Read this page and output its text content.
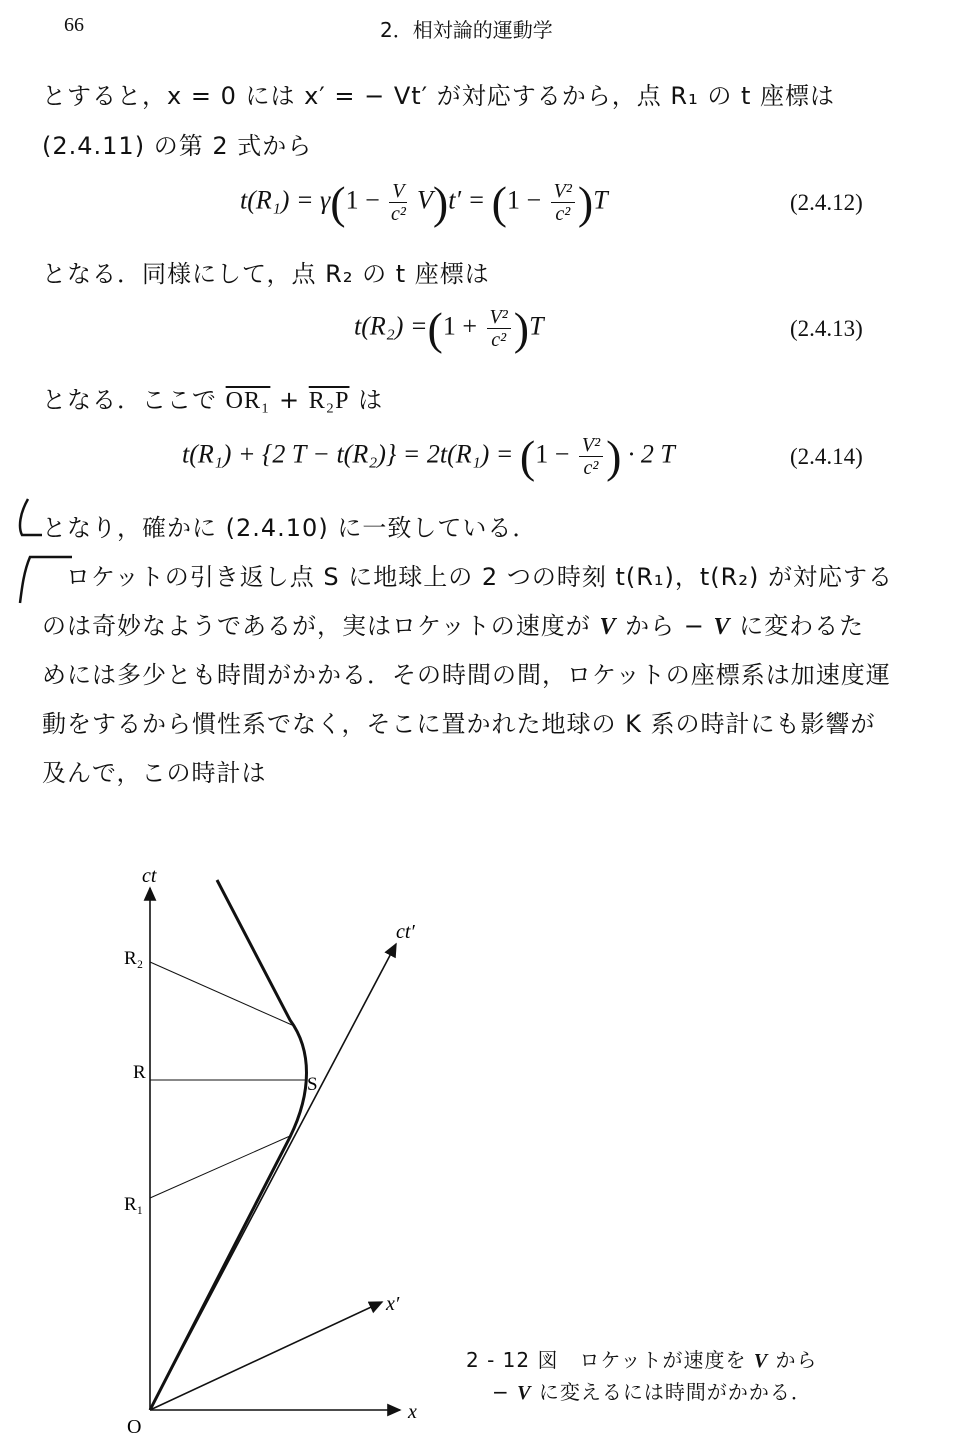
66	2．相対論的運動学
とすると，x = 0 には x′ = − Vt′ が対応するから，点 R₁ の t 座標は
(2.4.11) の第 2 式から
$t(R_1) = \gamma(1 - \frac{V}{\text{c²}} V)t' = (1 - \frac{\text{V²}}{\text{c²}} )T$	(2.4.12)
となる．同様にして，点 R₂ の t 座標は
$t(R_2) =(1 + \frac{\text{V²}}{\text{c²}} )T$	(2.4.13)
となる．ここで OR₁ + R₂P は
t(R₁) + {2 $T - t(R_2)\} = 2t(R_1) = (1 - \frac{\text{V²}}{\text{c²}}$ ) · 2 T	(2.4.14)
となり，確かに (2.4.10) に一致している．
ロケットの引き返し点 S に地球上の 2 つの時刻 t(R₁)，t(R₂) が対応する
のは奇妙なようであるが，実はロケットの速度が V から − V に変わるた
めには多少とも時間がかかる．その時間の間，ロケットの座標系は加速度運
動をするから慣性系でなく，そこに置かれた地球の K 系の時計にも影響が
及んで，この時計は
ct
ct′
x
x′
O
R₂
R
R₁
S
2 - 12 図　ロケットが速度を V から
− V に変えるには時間がかかる．
